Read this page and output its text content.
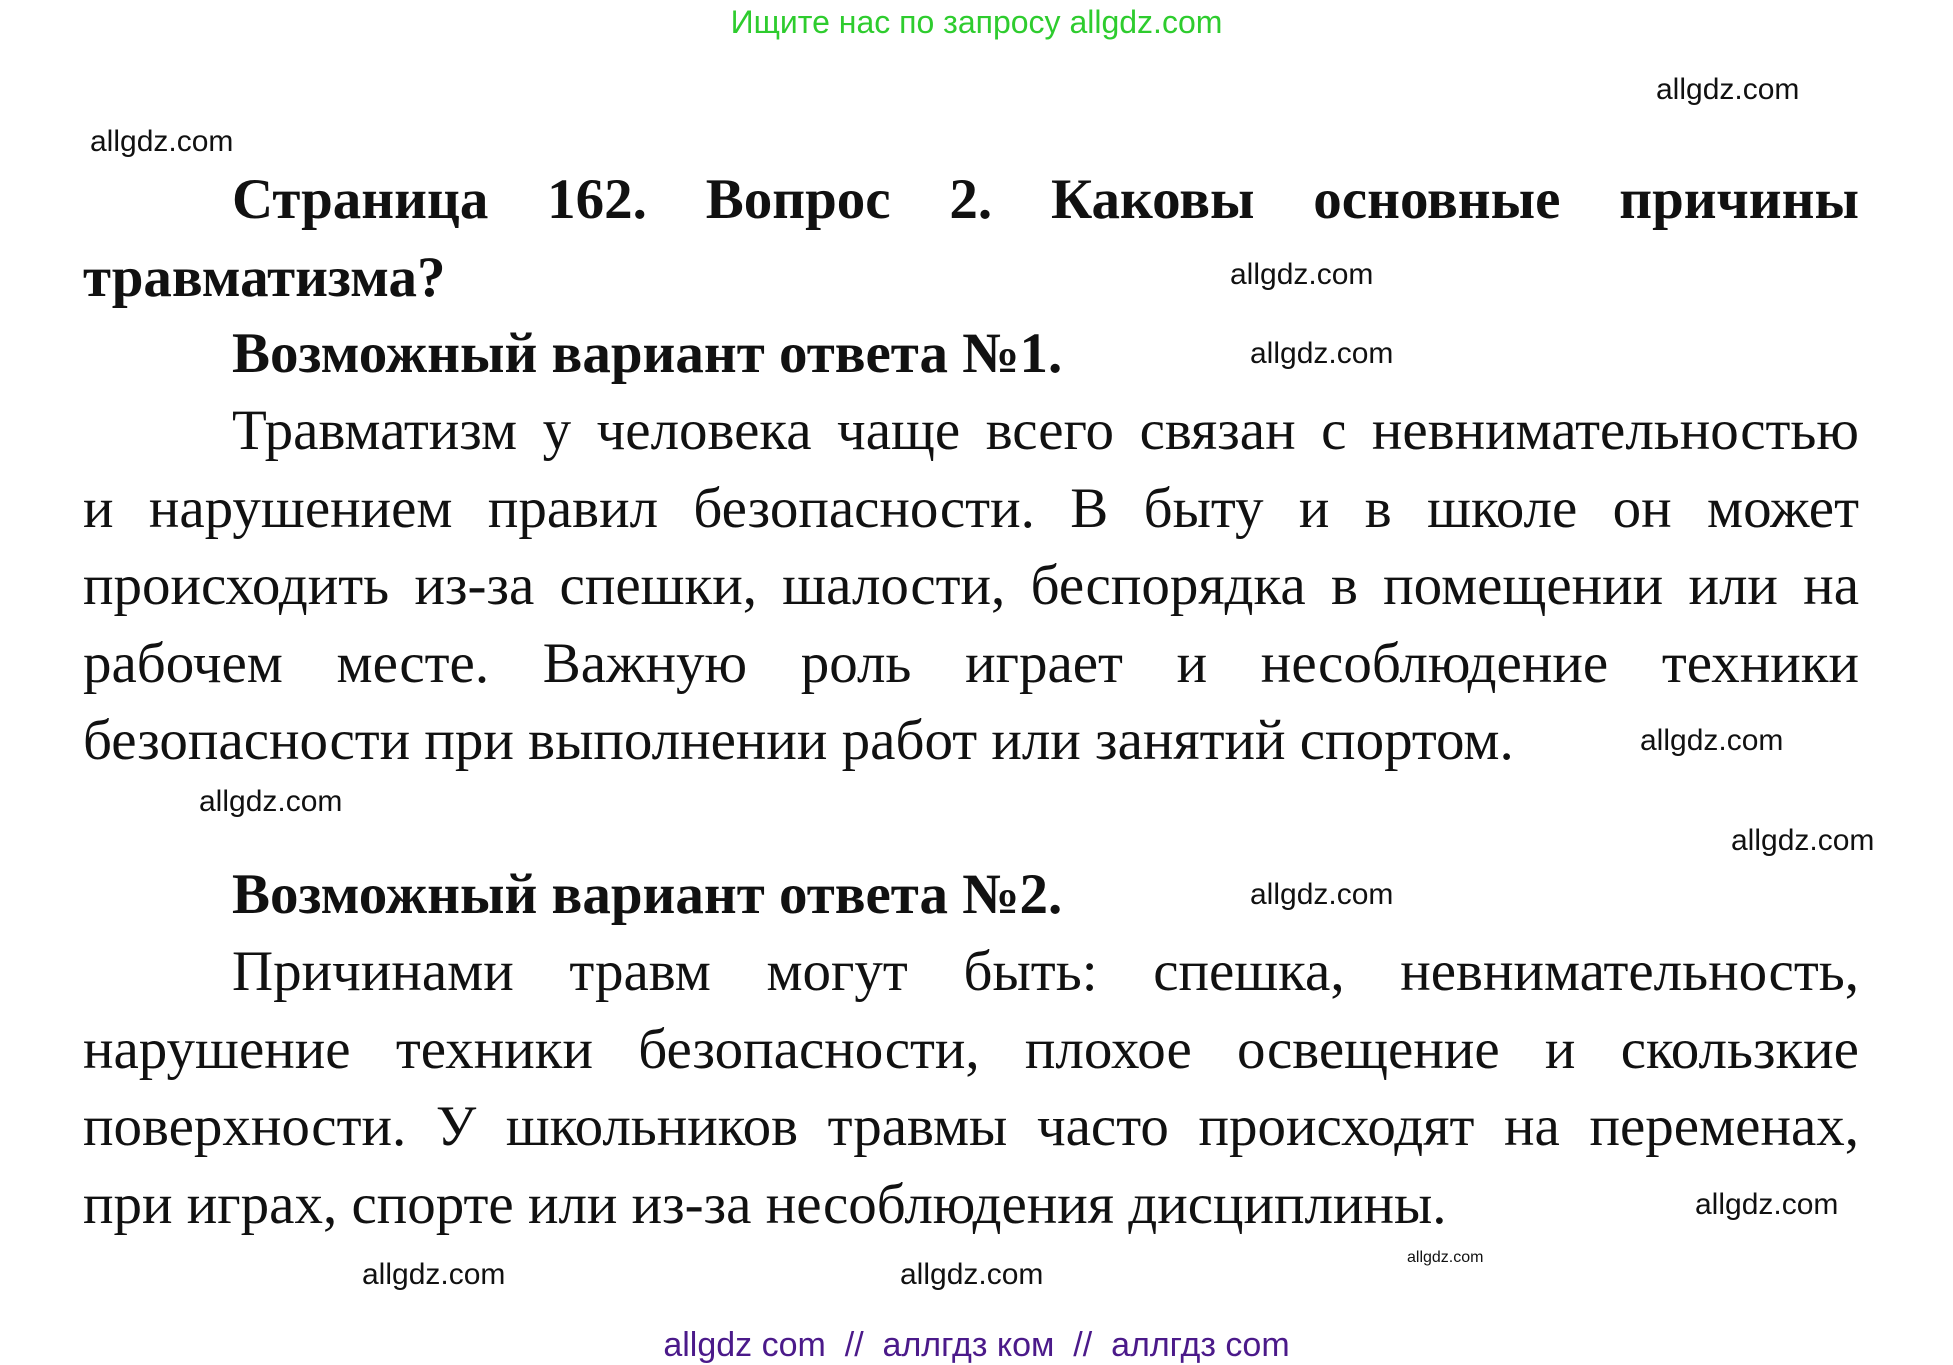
Ищите нас по запросу allgdz.com
Страница 162. Вопрос 2. Каковы основные причины
травматизма?
Возможный вариант ответа №1.
Травматизм у человека чаще всего связан с невнимательностью
и нарушением правил безопасности. В быту и в школе он может
происходить из-за спешки, шалости, беспорядка в помещении или на
рабочем месте. Важную роль играет и несоблюдение техники
безопасности при выполнении работ или занятий спортом.
Возможный вариант ответа №2.
Причинами травм могут быть: спешка, невнимательность,
нарушение техники безопасности, плохое освещение и скользкие
поверхности. У школьников травмы часто происходят на переменах,
при играх, спорте или из-за несоблюдения дисциплины.
allgdz.com
allgdz.com
allgdz.com
allgdz.com
allgdz.com
allgdz.com
allgdz.com
allgdz.com
allgdz.com
allgdz.com
allgdz.com
allgdz.com
allgdz com  //  аллгдз ком  //  аллгдз com
